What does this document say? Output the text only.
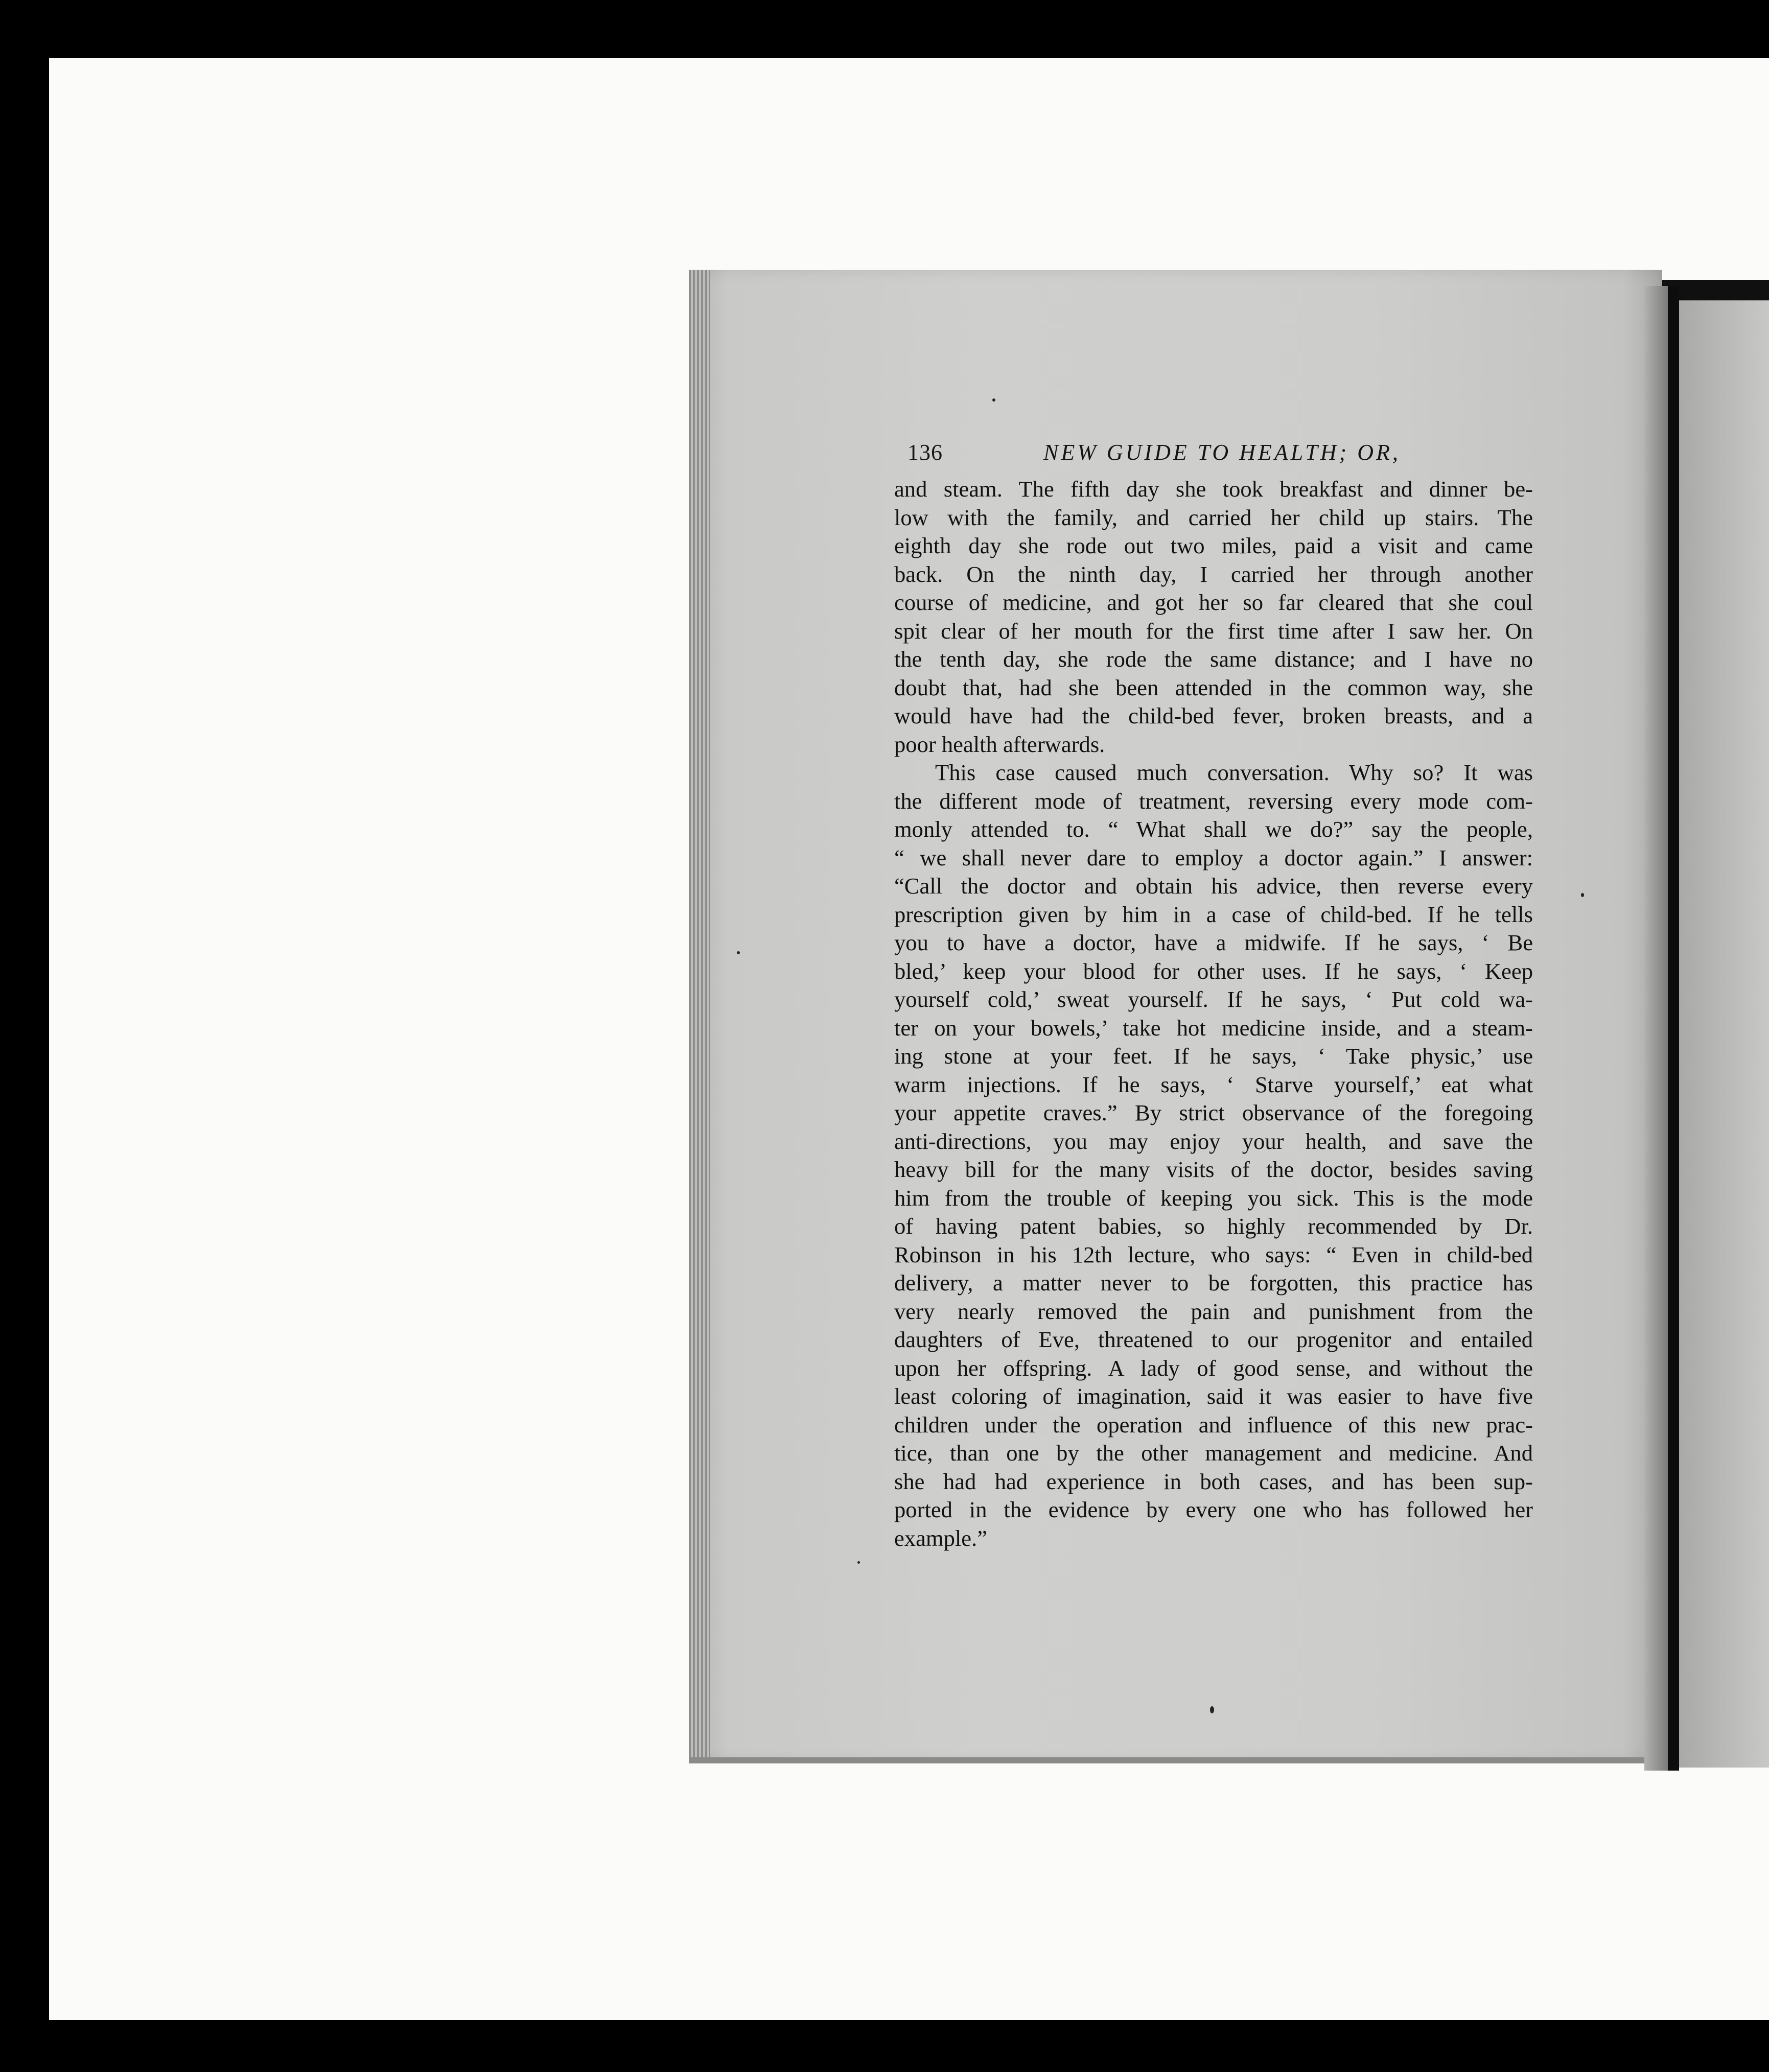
136	NEW GUIDE TO HEALTH; OR,
and steam. The fifth day she took breakfast and dinner be-
low with the family, and carried her child up stairs. The
eighth day she rode out two miles, paid a visit and came
back. On the ninth day, I carried her through another
course of medicine, and got her so far cleared that she coul
spit clear of her mouth for the first time after I saw her. On
the tenth day, she rode the same distance; and I have no
doubt that, had she been attended in the common way, she
would have had the child-bed fever, broken breasts, and a
poor health afterwards.
This case caused much conversation. Why so? It was
the different mode of treatment, reversing every mode com-
monly attended to. “ What shall we do?” say the people,
“ we shall never dare to employ a doctor again.” I answer:
“Call the doctor and obtain his advice, then reverse every
prescription given by him in a case of child-bed. If he tells
you to have a doctor, have a midwife. If he says, ‘ Be
bled,’ keep your blood for other uses. If he says, ‘ Keep
yourself cold,’ sweat yourself. If he says, ‘ Put cold wa-
ter on your bowels,’ take hot medicine inside, and a steam-
ing stone at your feet. If he says, ‘ Take physic,’ use
warm injections. If he says, ‘ Starve yourself,’ eat what
your appetite craves.” By strict observance of the foregoing
anti-directions, you may enjoy your health, and save the
heavy bill for the many visits of the doctor, besides saving
him from the trouble of keeping you sick. This is the mode
of having patent babies, so highly recommended by Dr.
Robinson in his 12th lecture, who says: “ Even in child-bed
delivery, a matter never to be forgotten, this practice has
very nearly removed the pain and punishment from the
daughters of Eve, threatened to our progenitor and entailed
upon her offspring. A lady of good sense, and without the
least coloring of imagination, said it was easier to have five
children under the operation and influence of this new prac-
tice, than one by the other management and medicine. And
she had had experience in both cases, and has been sup-
ported in the evidence by every one who has followed her
example.”
